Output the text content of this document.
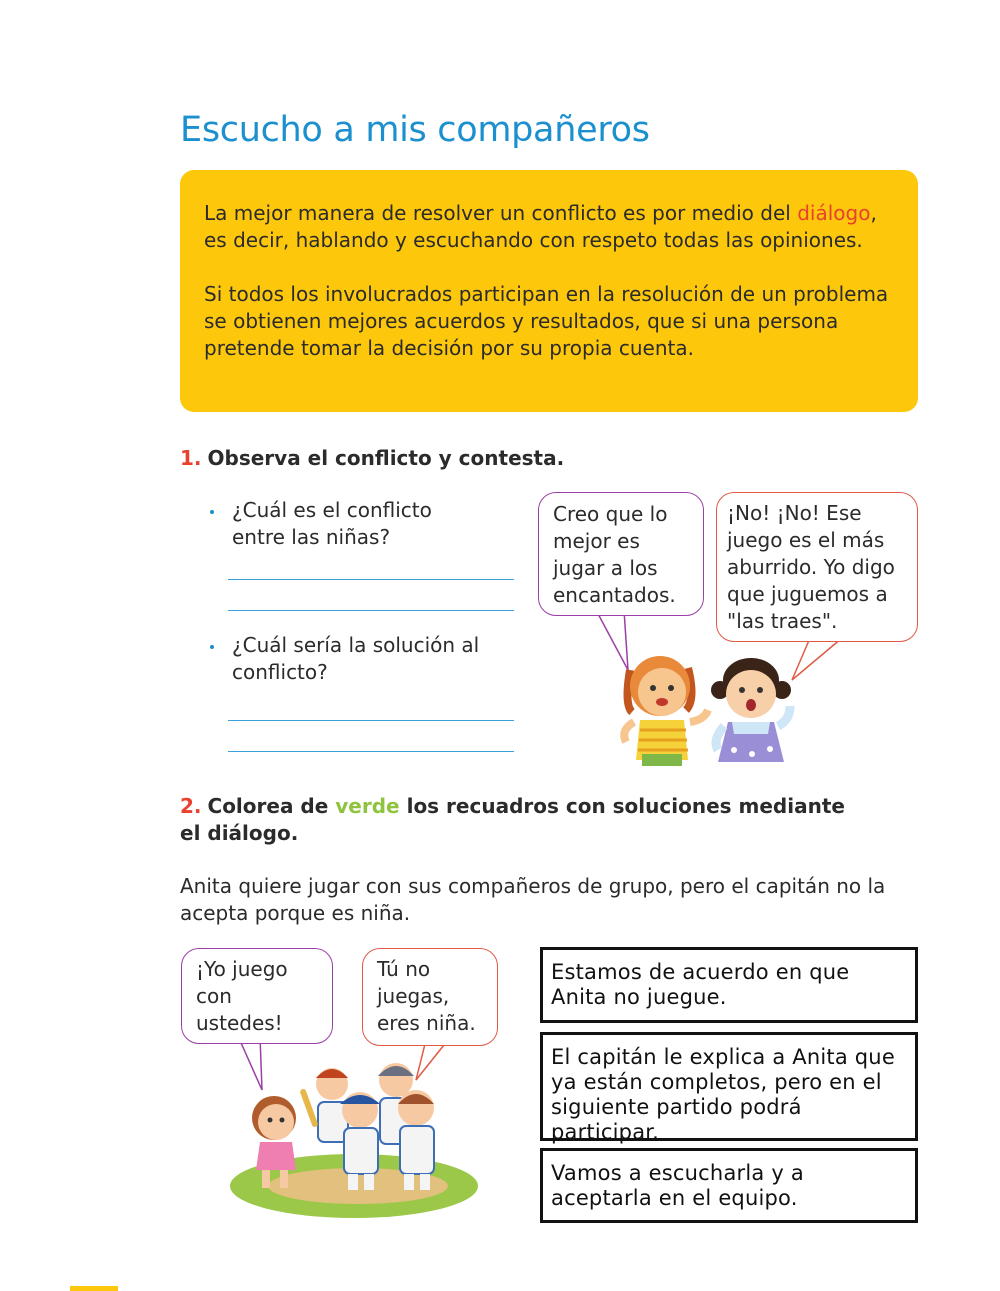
Escucho a mis compañeros

La mejor manera de resolver un conflicto es por medio del diálogo, es decir, hablando y escuchando con respeto todas las opiniones.

Si todos los involucrados participan en la resolución de un problema se obtienen mejores acuerdos y resultados, que si una persona pretende tomar la decisión por su propia cuenta.

1. Observa el conflicto y contesta.
¿Cuál es el conflicto entre las niñas?
¿Cuál sería la solución al conflicto?
Creo que lo mejor es jugar a los encantados.
¡No! ¡No! Ese juego es el más aburrido. Yo digo que juguemos a "las traes".
2. Colorea de verde los recuadros con soluciones mediante el diálogo.
Anita quiere jugar con sus compañeros de grupo, pero el capitán no la acepta porque es niña.
¡Yo juego con ustedes!
Tú no juegas, eres niña.
Estamos de acuerdo en que Anita no juegue.
El capitán le explica a Anita que ya están completos, pero en el siguiente partido podrá participar.
Vamos a escucharla y a aceptarla en el equipo.
